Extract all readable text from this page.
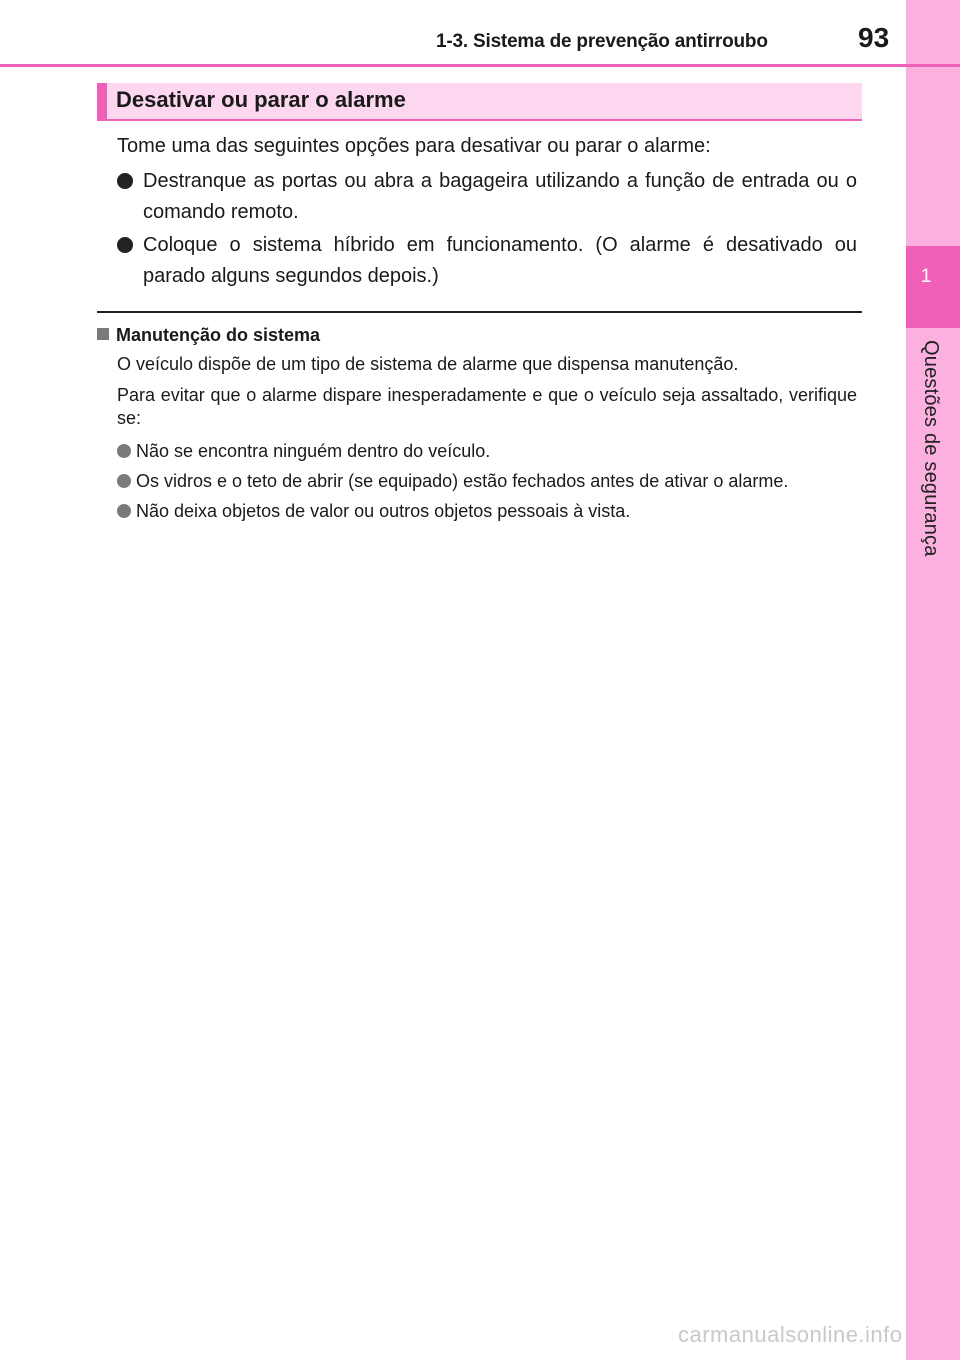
1
Questões de segurança
1-3. Sistema de prevenção antirroubo	93
Desativar ou parar o alarme
Tome uma das seguintes opções para desativar ou parar o alarme:
Destranque as portas ou abra a bagageira utilizando a função de entrada ou o comando remoto.
Coloque o sistema híbrido em funcionamento. (O alarme é desativado ou parado alguns segundos depois.)
Manutenção do sistema
O veículo dispõe de um tipo de sistema de alarme que dispensa manutenção.
Para evitar que o alarme dispare inesperadamente e que o veículo seja assaltado, verifique se:
Não se encontra ninguém dentro do veículo.
Os vidros e o teto de abrir (se equipado) estão fechados antes de ativar o alarme.
Não deixa objetos de valor ou outros objetos pessoais à vista.
carmanualsonline.info
